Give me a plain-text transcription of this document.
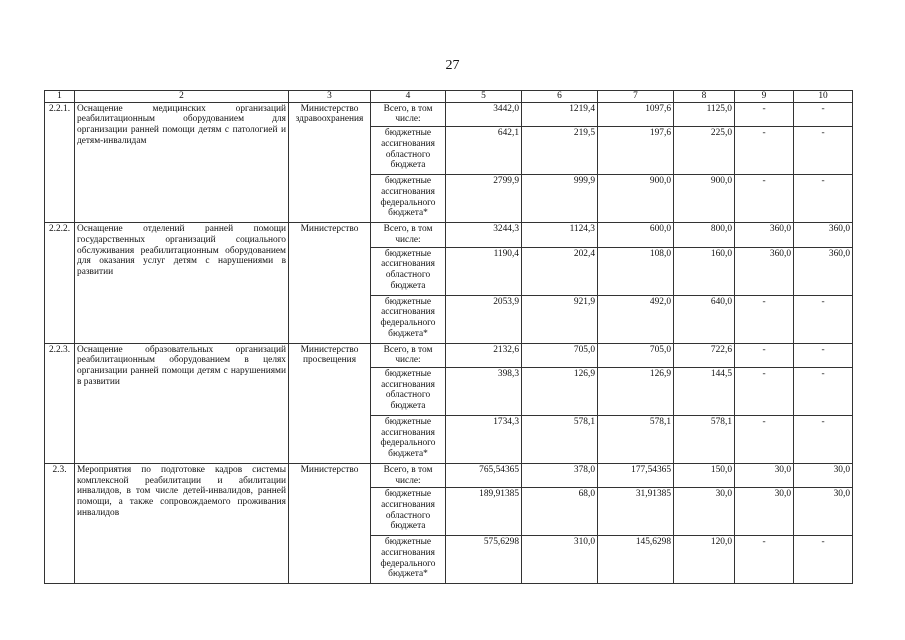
27
1	2	3	4	5	6	7	8	9	10
2.2.1.	Оснащение медицинских организаций реабилитационным оборудованием для организации ранней помощи детям с патологией и детям-инвалидам	Министерство здравоохранения	Всего, в том числе:	3442,0	1219,4	1097,6	1125,0	-	-
			бюджетные ассигнования областного бюджета	642,1	219,5	197,6	225,0	-	-
			бюджетные ассигнования федерального бюджета*	2799,9	999,9	900,0	900,0	-	-
2.2.2.	Оснащение отделений ранней помощи государственных организаций социального обслуживания реабилитационным оборудованием для оказания услуг детям с нарушениями в развитии	Министерство	Всего, в том числе:	3244,3	1124,3	600,0	800,0	360,0	360,0
			бюджетные ассигнования областного бюджета	1190,4	202,4	108,0	160,0	360,0	360,0
			бюджетные ассигнования федерального бюджета*	2053,9	921,9	492,0	640,0	-	-
2.2.3.	Оснащение образовательных организаций реабилитационным оборудованием в целях организации ранней помощи детям с нарушениями в развитии	Министерство просвещения	Всего, в том числе:	2132,6	705,0	705,0	722,6	-	-
			бюджетные ассигнования областного бюджета	398,3	126,9	126,9	144,5	-	-
			бюджетные ассигнования федерального бюджета*	1734,3	578,1	578,1	578,1	-	-
2.3.	Мероприятия по подготовке кадров системы комплексной реабилитации и абилитации инвалидов, в том числе детей-инвалидов, ранней помощи, а также сопровождаемого проживания инвалидов	Министерство	Всего, в том числе:	765,54365	378,0	177,54365	150,0	30,0	30,0
			бюджетные ассигнования областного бюджета	189,91385	68,0	31,91385	30,0	30,0	30,0
			бюджетные ассигнования федерального бюджета*	575,6298	310,0	145,6298	120,0	-	-
